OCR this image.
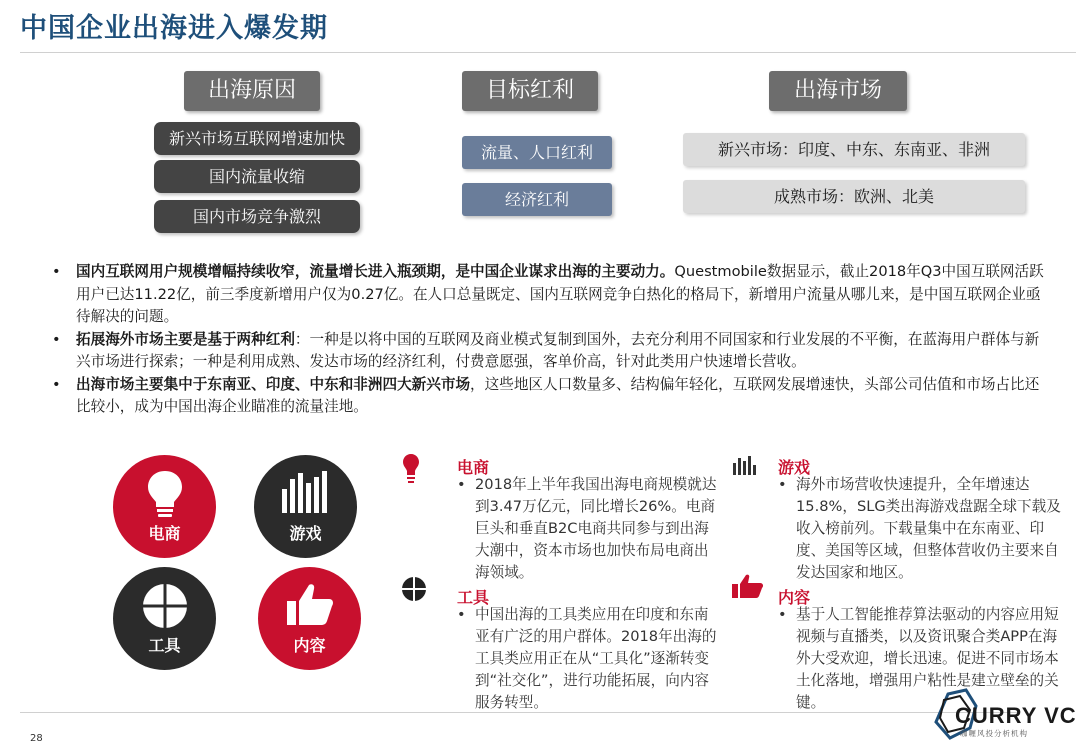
中国企业出海进入爆发期
出海原因	目标红利	出海市场
新兴市场互联网增速加快
国内流量收缩
国内市场竞争激烈
流量、人口红利
经济红利
新兴市场：印度、中东、东南亚、非洲
成熟市场：欧洲、北美
• 国内互联网用户规模增幅持续收窄，流量增长进入瓶颈期，是中国企业谋求出海的主要动力。Questmobile数据显示，截止2018年Q3中国互联网活跃用户已达11.22亿，前三季度新增用户仅为0.27亿。在人口总量既定、国内互联网竞争白热化的格局下，新增用户流量从哪儿来，是中国互联网企业亟待解决的问题。
• 拓展海外市场主要是基于两种红利：一种是以将中国的互联网及商业模式复制到国外，去充分利用不同国家和行业发展的不平衡，在蓝海用户群体与新兴市场进行探索；一种是利用成熟、发达市场的经济红利，付费意愿强，客单价高，针对此类用户快速增长营收。
• 出海市场主要集中于东南亚、印度、中东和非洲四大新兴市场，这些地区人口数量多、结构偏年轻化，互联网发展增速快，头部公司估值和市场占比还比较小，成为中国出海企业瞄准的流量洼地。
电商	游戏
工具	内容
电商
• 2018年上半年我国出海电商规模就达到3.47万亿元，同比增长26%。电商巨头和垂直B2C电商共同参与到出海大潮中，资本市场也加快布局电商出海领域。
游戏
• 海外市场营收快速提升，全年增速达15.8%，SLG类出海游戏盘踞全球下载及收入榜前列。下载量集中在东南亚、印度、美国等区域，但整体营收仍主要来自发达国家和地区。
工具
• 中国出海的工具类应用在印度和东南亚有广泛的用户群体。2018年出海的工具类应用正在从“工具化”逐渐转变到“社交化”，进行功能拓展，向内容服务转型。
内容
• 基于人工智能推荐算法驱动的内容应用短视频与直播类，以及资讯聚合类APP在海外大受欢迎，增长迅速。促进不同市场本土化落地，增强用户粘性是建立壁垒的关键。
28
CURRY VC
咖喱风投分析机构
